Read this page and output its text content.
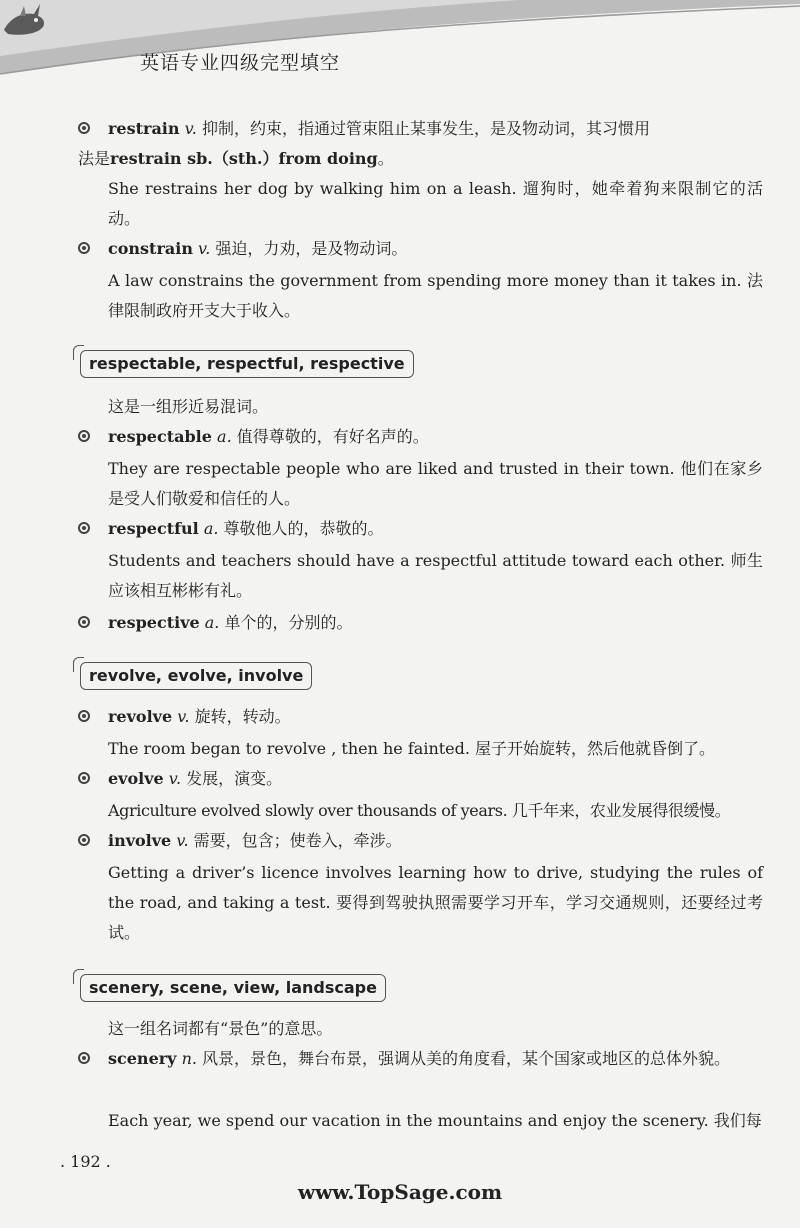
英语专业四级完型填空
restrain v. 抑制，约束，指通过管束阻止某事发生，是及物动词，其习惯用
法是restrain sb.（sth.）from doing。
She restrains her dog by walking him on a leash. 遛狗时，她牵着狗来限制它的活动。
constrain v. 强迫，力劝，是及物动词。
A law constrains the government from spending more money than it takes in. 法律限制政府开支大于收入。
respectable, respectful, respective
这是一组形近易混词。
respectable a. 值得尊敬的，有好名声的。
They are respectable people who are liked and trusted in their town. 他们在家乡是受人们敬爱和信任的人。
respectful a. 尊敬他人的，恭敬的。
Students and teachers should have a respectful attitude toward each other. 师生应该相互彬彬有礼。
respective a. 单个的，分别的。
revolve, evolve, involve
revolve v. 旋转，转动。
The room began to revolve , then he fainted. 屋子开始旋转，然后他就昏倒了。
evolve v. 发展，演变。
Agriculture evolved slowly over thousands of years. 几千年来，农业发展得很缓慢。
involve v. 需要，包含；使卷入，牵涉。
Getting a driver’s licence involves learning how to drive, studying the rules of the road, and taking a test. 要得到驾驶执照需要学习开车，学习交通规则，还要经过考试。
scenery, scene, view, landscape
这一组名词都有“景色”的意思。
scenery n. 风景，景色，舞台布景，强调从美的角度看，某个国家或地区的总体外貌。
Each year, we spend our vacation in the mountains and enjoy the scenery. 我们每
. 192 .
www.TopSage.com
